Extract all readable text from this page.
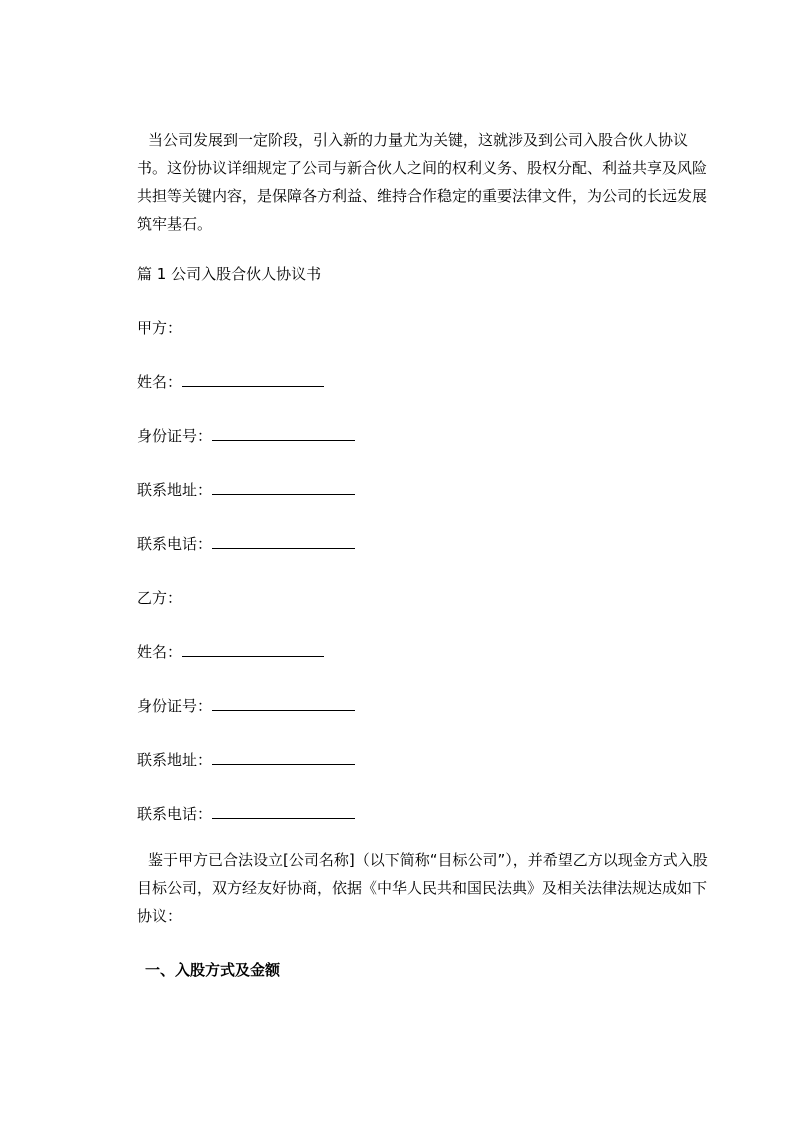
当公司发展到一定阶段，引入新的力量尤为关键，这就涉及到公司入股合伙人协议书。这份协议详细规定了公司与新合伙人之间的权利义务、股权分配、利益共享及风险共担等关键内容，是保障各方利益、维持合作稳定的重要法律文件，为公司的长远发展筑牢基石。
篇 1 公司入股合伙人协议书
甲方：
姓名：
身份证号：
联系地址：
联系电话：
乙方：
姓名：
身份证号：
联系地址：
联系电话：
鉴于甲方已合法设立[公司名称]（以下简称“目标公司”），并希望乙方以现金方式入股目标公司，双方经友好协商，依据《中华人民共和国民法典》及相关法律法规达成如下协议：
一、入股方式及金额
